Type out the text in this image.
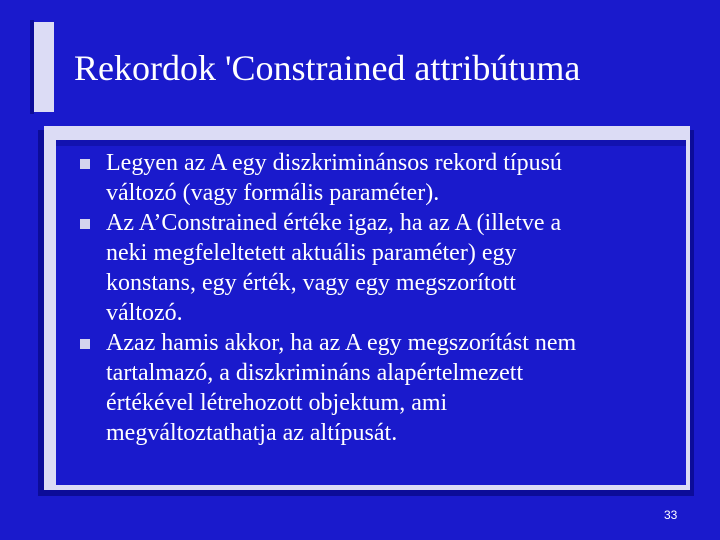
Rekordok 'Constrained attribútuma
Legyen az A egy diszkriminánsos rekord típusú
változó (vagy formális paraméter).
Az A’Constrained értéke igaz, ha az A (illetve a
neki megfeleltetett aktuális paraméter) egy
konstans, egy érték, vagy egy megszorított
változó.
Azaz hamis akkor, ha az A egy megszorítást nem
tartalmazó, a diszkrimináns alapértelmezett
értékével létrehozott objektum, ami
megváltoztathatja az altípusát.
33
